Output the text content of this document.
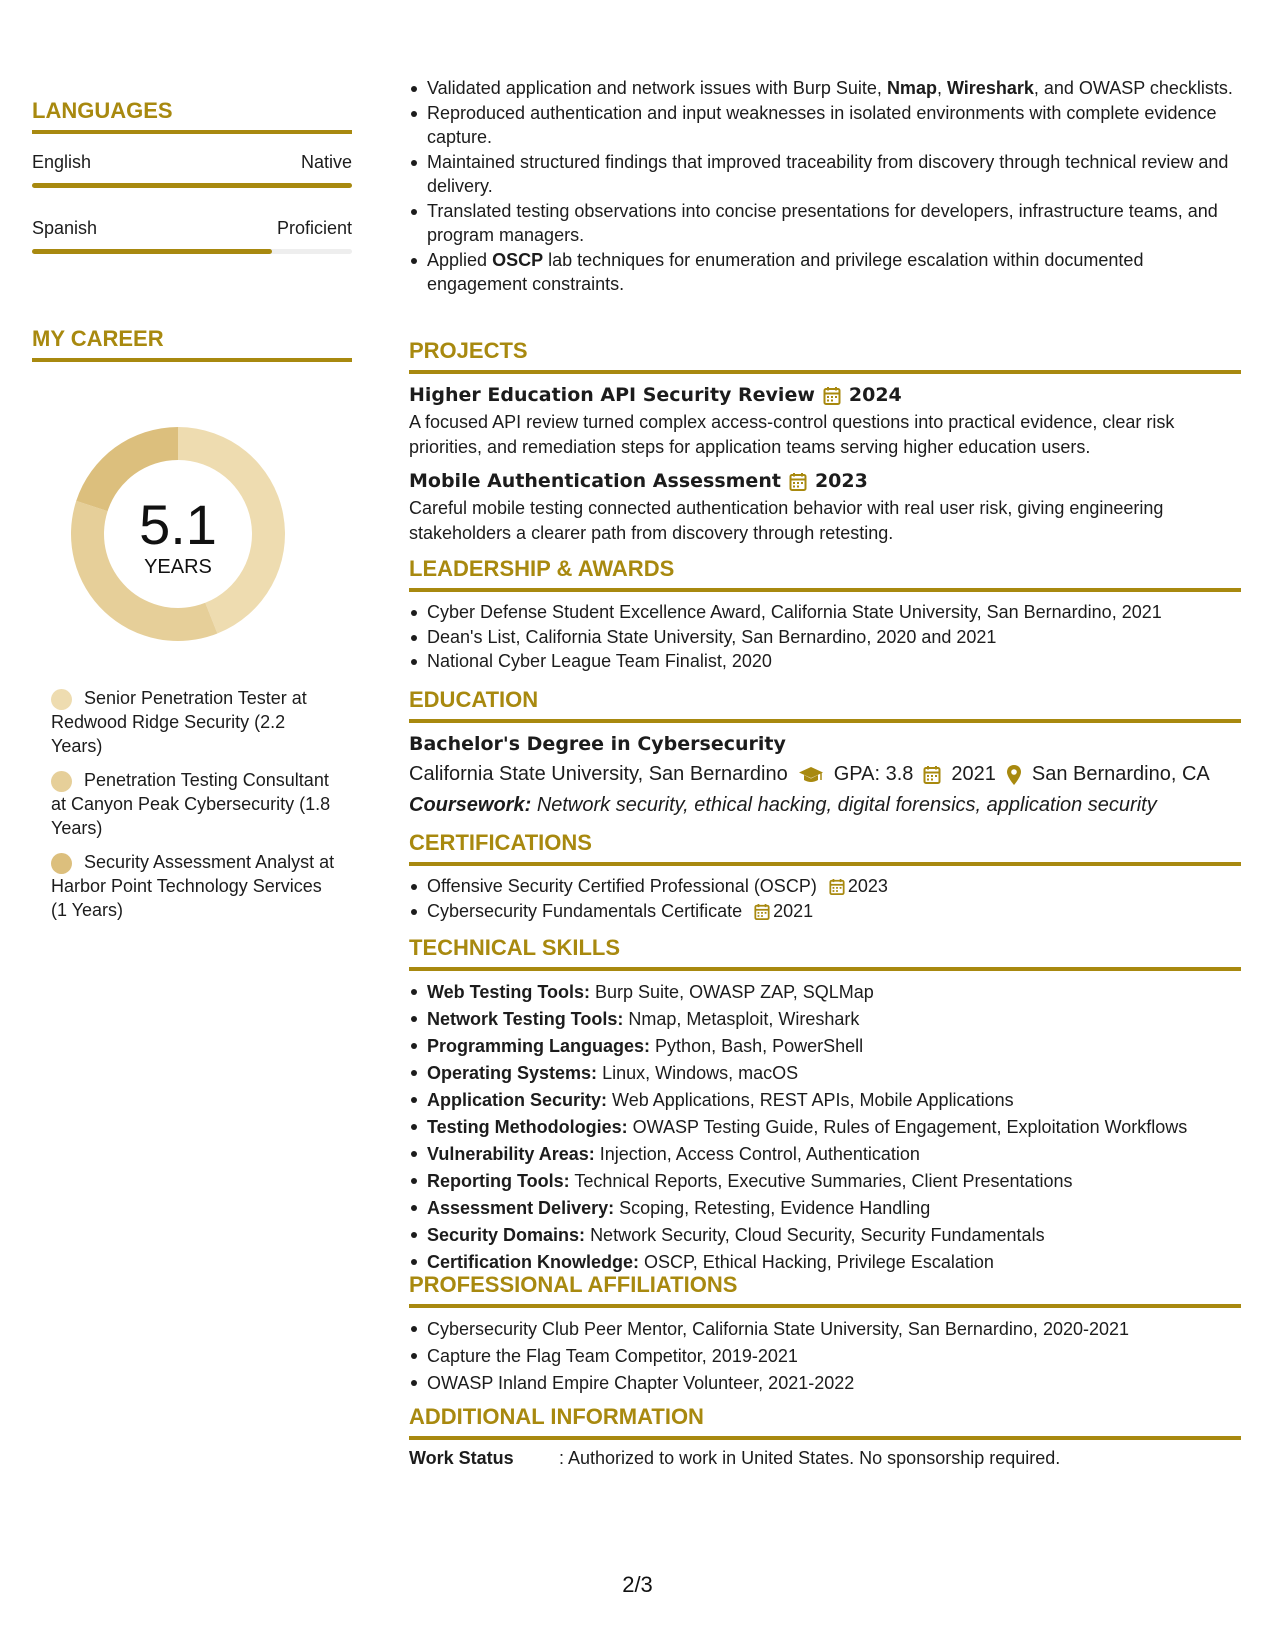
LANGUAGES
English	Native
Spanish	Proficient
MY CAREER
5.1
YEARS
Senior Penetration Tester at Redwood Ridge Security (2.2 Years)
Penetration Testing Consultant at Canyon Peak Cybersecurity (1.8 Years)
Security Assessment Analyst at Harbor Point Technology Services (1 Years)
Validated application and network issues with Burp Suite, Nmap, Wireshark, and OWASP checklists.
Reproduced authentication and input weaknesses in isolated environments with complete evidence capture.
Maintained structured findings that improved traceability from discovery through technical review and delivery.
Translated testing observations into concise presentations for developers, infrastructure teams, and program managers.
Applied OSCP lab techniques for enumeration and privilege escalation within documented engagement constraints.
PROJECTS
Higher Education API Security Review 2024
A focused API review turned complex access-control questions into practical evidence, clear risk priorities, and remediation steps for application teams serving higher education users.
Mobile Authentication Assessment 2023
Careful mobile testing connected authentication behavior with real user risk, giving engineering stakeholders a clearer path from discovery through retesting.
LEADERSHIP & AWARDS
Cyber Defense Student Excellence Award, California State University, San Bernardino, 2021
Dean's List, California State University, San Bernardino, 2020 and 2021
National Cyber League Team Finalist, 2020
EDUCATION
Bachelor's Degree in Cybersecurity
California State University, San Bernardino GPA: 3.8 2021 San Bernardino, CA
Coursework: Network security, ethical hacking, digital forensics, application security
CERTIFICATIONS
Offensive Security Certified Professional (OSCP) 2023
Cybersecurity Fundamentals Certificate 2021
TECHNICAL SKILLS
Web Testing Tools: Burp Suite, OWASP ZAP, SQLMap
Network Testing Tools: Nmap, Metasploit, Wireshark
Programming Languages: Python, Bash, PowerShell
Operating Systems: Linux, Windows, macOS
Application Security: Web Applications, REST APIs, Mobile Applications
Testing Methodologies: OWASP Testing Guide, Rules of Engagement, Exploitation Workflows
Vulnerability Areas: Injection, Access Control, Authentication
Reporting Tools: Technical Reports, Executive Summaries, Client Presentations
Assessment Delivery: Scoping, Retesting, Evidence Handling
Security Domains: Network Security, Cloud Security, Security Fundamentals
Certification Knowledge: OSCP, Ethical Hacking, Privilege Escalation
PROFESSIONAL AFFILIATIONS
Cybersecurity Club Peer Mentor, California State University, San Bernardino, 2020-2021
Capture the Flag Team Competitor, 2019-2021
OWASP Inland Empire Chapter Volunteer, 2021-2022
ADDITIONAL INFORMATION
Work Status	: Authorized to work in United States. No sponsorship required.
2/3
